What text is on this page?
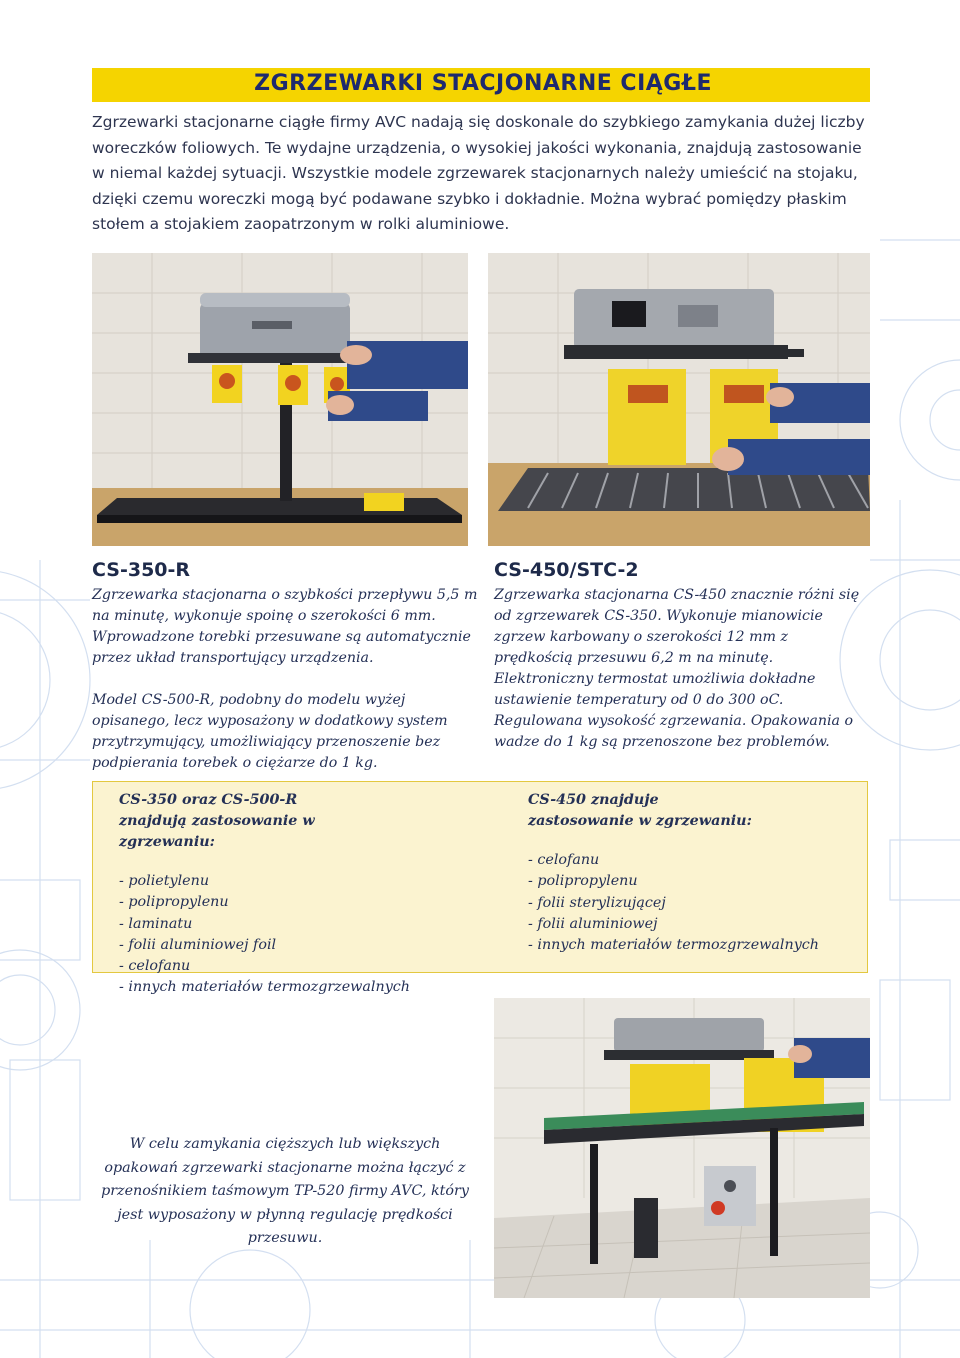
ZGRZEWARKI STACJONARNE CIĄGŁE
Zgrzewarki stacjonarne ciągłe firmy AVC nadają się doskonale do szybkiego zamykania dużej liczby woreczków foliowych. Te wydajne urządzenia, o wysokiej jakości wykonania, znajdują zastosowanie w niemal każdej sytuacji. Wszystkie modele zgrzewarek stacjonarnych należy umieścić na stojaku, dzięki czemu woreczki mogą być podawane szybko i dokładnie. Można wybrać pomiędzy płaskim stołem a stojakiem zaopatrzonym w rolki aluminiowe.
CS-350-R

Zgrzewarka stacjonarna o szybkości przepływu 5,5 m na minutę, wykonuje spoinę o szerokości 6 mm. Wprowadzone torebki przesuwane są automatycznie przez układ transportujący urządzenia.

Model CS-500-R, podobny do modelu wyżej opisanego, lecz wyposażony w dodatkowy system przytrzymujący, umożliwiający przenoszenie bez podpierania torebek o ciężarze do 1 kg.

CS-450/STC-2

Zgrzewarka stacjonarna CS-450 znacznie różni się od zgrzewarek CS-350. Wykonuje mianowicie zgrzew karbowany o szerokości 12 mm z prędkością przesuwu 6,2 m na minutę. Elektroniczny termostat umożliwia dokładne ustawienie temperatury od 0 do 300 oC. Regulowana wysokość zgrzewania. Opakowania o wadze do 1 kg są przenoszone bez problemów.

CS-350 oraz CS-500-R znajdują zastosowanie w zgrzewaniu:

- polietylenu
- polipropylenu
- laminatu
- folii aluminiowej foil
- celofanu
- innych materiałów termozgrzewalnych

CS-450 znajduje zastosowanie w zgrzewaniu:

- celofanu
- polipropylenu
- folii sterylizującej
- folii aluminiowej
- innych materiałów termozgrzewalnych
W celu zamykania cięższych lub większych opakowań zgrzewarki stacjonarne można łączyć z przenośnikiem taśmowym TP-520 firmy AVC, który jest wyposażony w płynną regulację prędkości przesuwu.
